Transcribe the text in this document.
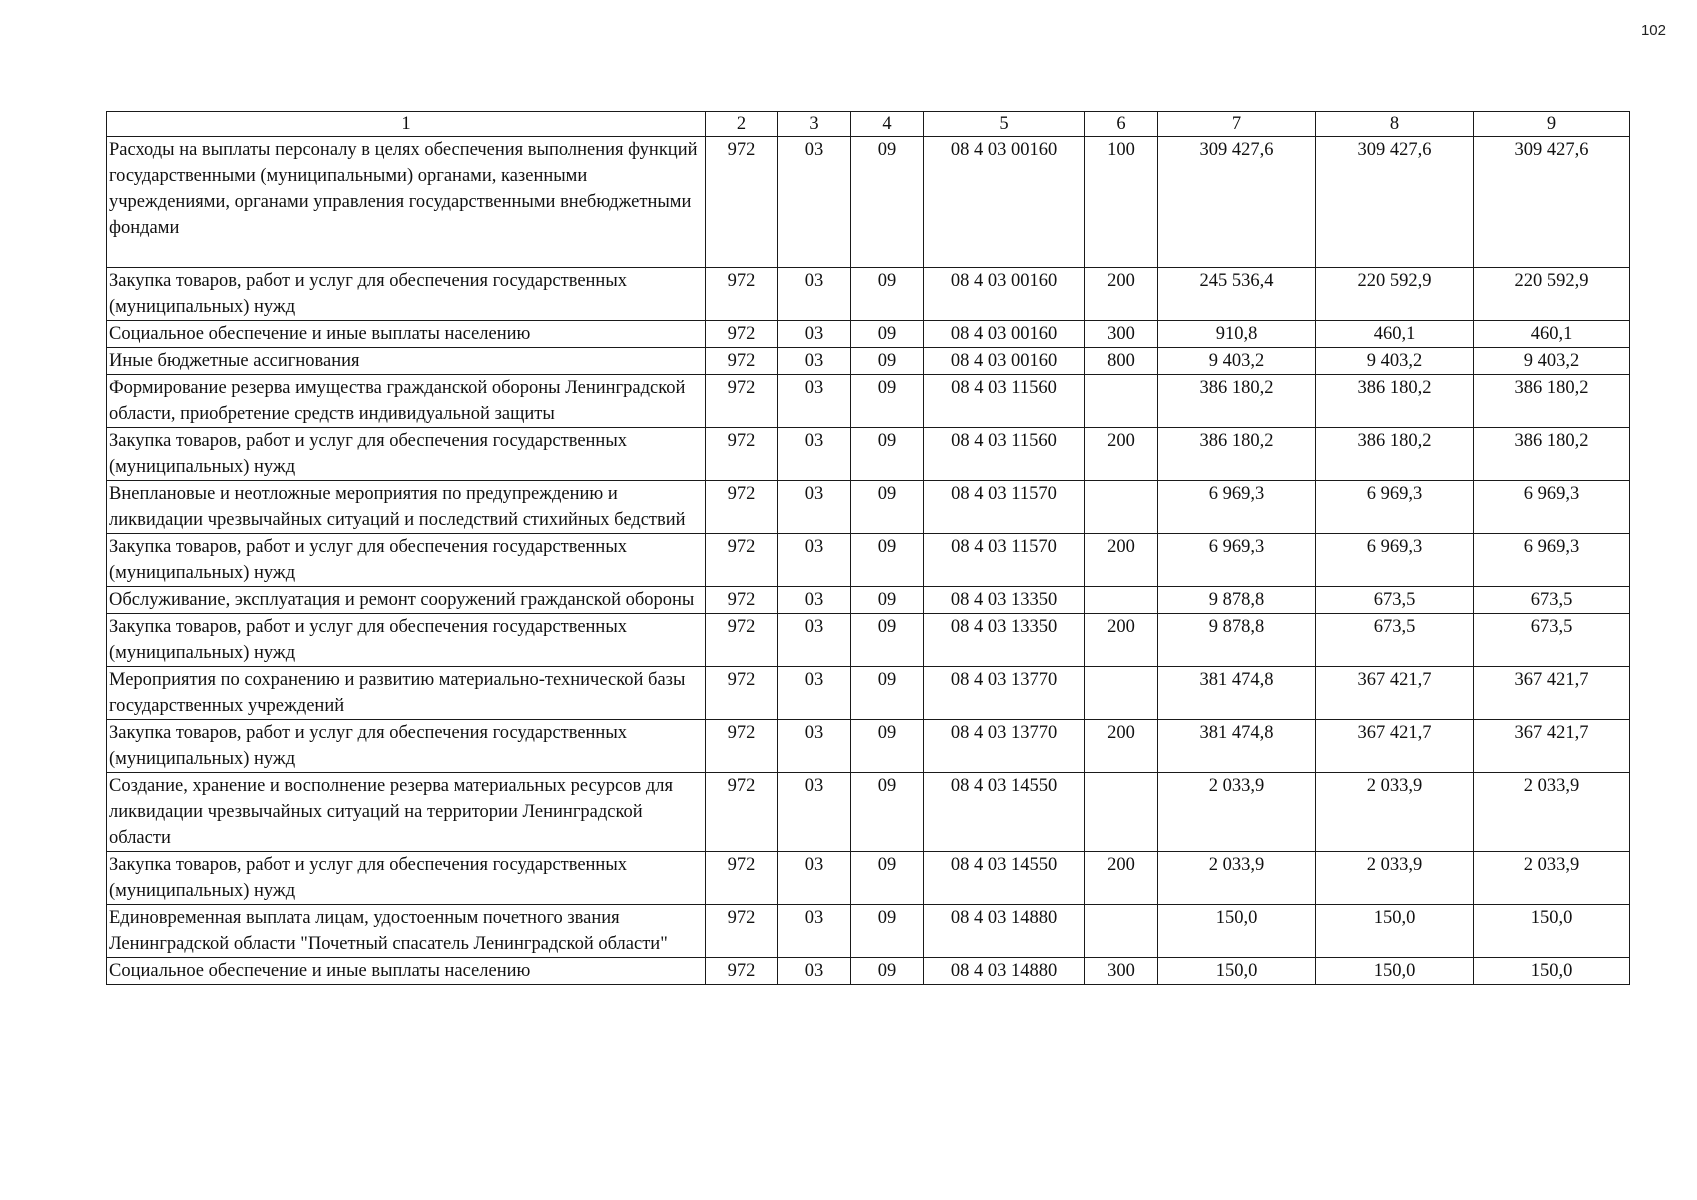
102
1	2	3	4	5	6	7	8	9
Расходы на выплаты персоналу в целях обеспечения выполнения функций государственными (муниципальными) органами, казенными учреждениями, органами управления государственными внебюджетными фондами	972	03	09	08 4 03 00160	100	309 427,6	309 427,6	309 427,6
Закупка товаров, работ и услуг для обеспечения государственных (муниципальных) нужд	972	03	09	08 4 03 00160	200	245 536,4	220 592,9	220 592,9
Социальное обеспечение и иные выплаты населению	972	03	09	08 4 03 00160	300	910,8	460,1	460,1
Иные бюджетные ассигнования	972	03	09	08 4 03 00160	800	9 403,2	9 403,2	9 403,2
Формирование резерва имущества гражданской обороны Ленинградской области, приобретение средств индивидуальной защиты	972	03	09	08 4 03 11560		386 180,2	386 180,2	386 180,2
Закупка товаров, работ и услуг для обеспечения государственных (муниципальных) нужд	972	03	09	08 4 03 11560	200	386 180,2	386 180,2	386 180,2
Внеплановые и неотложные мероприятия по предупреждению и ликвидации чрезвычайных ситуаций и последствий стихийных бедствий	972	03	09	08 4 03 11570		6 969,3	6 969,3	6 969,3
Закупка товаров, работ и услуг для обеспечения государственных (муниципальных) нужд	972	03	09	08 4 03 11570	200	6 969,3	6 969,3	6 969,3
Обслуживание, эксплуатация и ремонт сооружений гражданской обороны	972	03	09	08 4 03 13350		9 878,8	673,5	673,5
Закупка товаров, работ и услуг для обеспечения государственных (муниципальных) нужд	972	03	09	08 4 03 13350	200	9 878,8	673,5	673,5
Мероприятия по сохранению и развитию материально-технической базы государственных учреждений	972	03	09	08 4 03 13770		381 474,8	367 421,7	367 421,7
Закупка товаров, работ и услуг для обеспечения государственных (муниципальных) нужд	972	03	09	08 4 03 13770	200	381 474,8	367 421,7	367 421,7
Создание, хранение и восполнение резерва материальных ресурсов для ликвидации чрезвычайных ситуаций на территории Ленинградской области	972	03	09	08 4 03 14550		2 033,9	2 033,9	2 033,9
Закупка товаров, работ и услуг для обеспечения государственных (муниципальных) нужд	972	03	09	08 4 03 14550	200	2 033,9	2 033,9	2 033,9
Единовременная выплата лицам, удостоенным почетного звания Ленинградской области "Почетный спасатель Ленинградской области"	972	03	09	08 4 03 14880		150,0	150,0	150,0
Социальное обеспечение и иные выплаты населению	972	03	09	08 4 03 14880	300	150,0	150,0	150,0
